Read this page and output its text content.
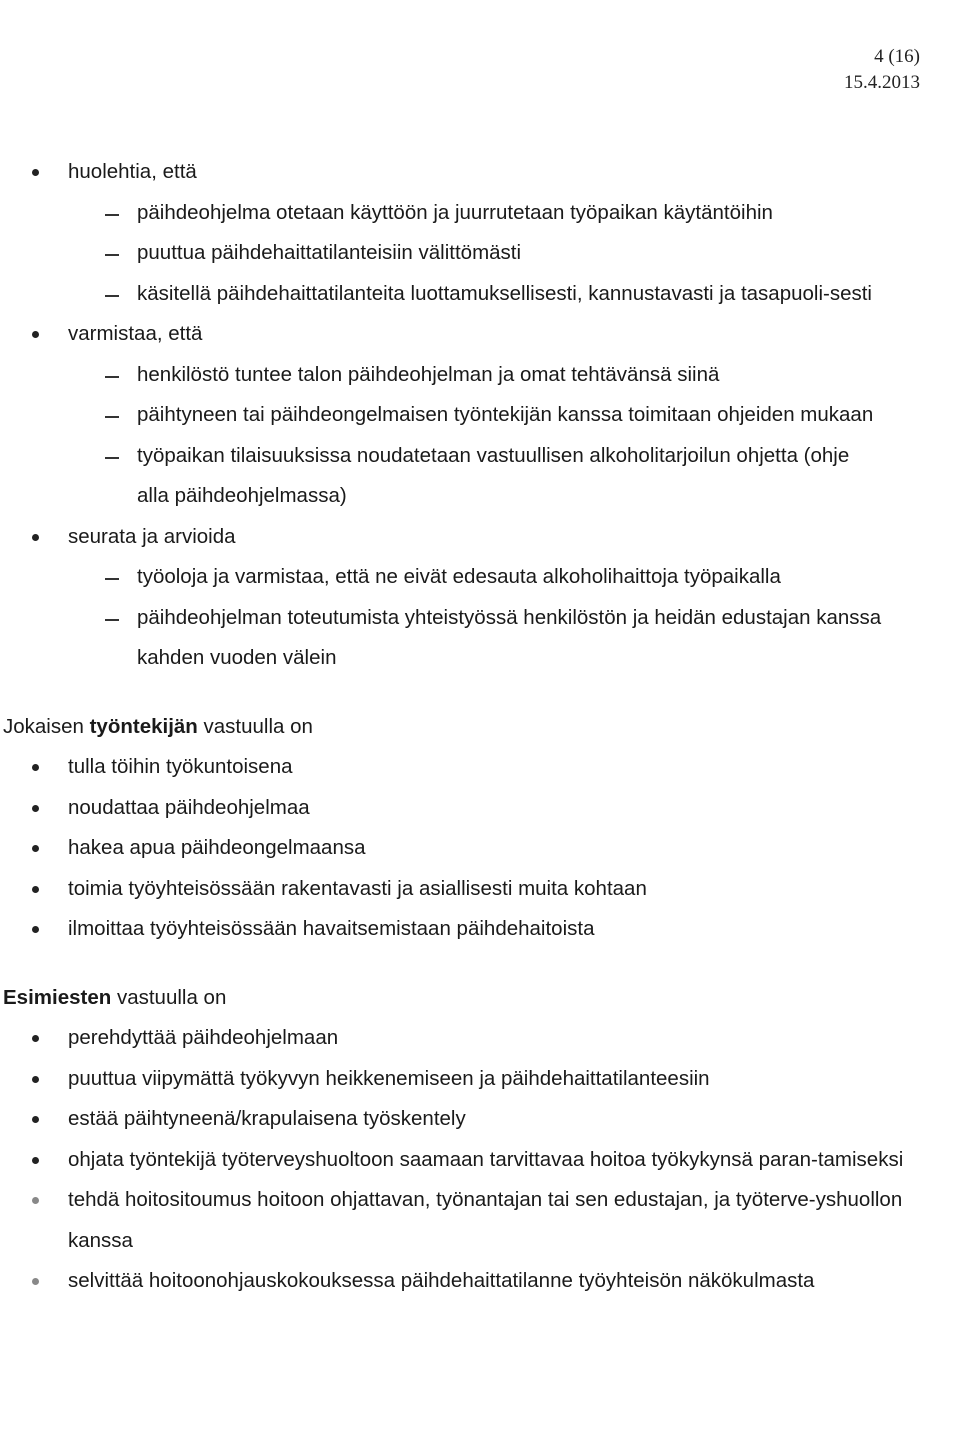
4 (16)
15.4.2013
huolehtia, että
päihdeohjelma otetaan käyttöön ja juurrutetaan työpaikan käytäntöihin
puuttua päihdehaittatilanteisiin välittömästi
käsitellä päihdehaittatilanteita luottamuksellisesti, kannustavasti ja tasapuoli-sesti
varmistaa, että
henkilöstö tuntee talon päihdeohjelman ja omat tehtävänsä siinä
päihtyneen tai päihdeongelmaisen työntekijän kanssa toimitaan ohjeiden mukaan
työpaikan tilaisuuksissa noudatetaan vastuullisen alkoholitarjoilun ohjetta (ohje alla päihdeohjelmassa)
seurata ja arvioida
työoloja ja varmistaa, että ne eivät edesauta alkoholihaittoja työpaikalla
päihdeohjelman toteutumista yhteistyössä henkilöstön ja heidän edustajan kanssa kahden vuoden välein
Jokaisen työntekijän vastuulla on
tulla töihin työkuntoisena
noudattaa päihdeohjelmaa
hakea apua päihdeongelmaansa
toimia työyhteisössään rakentavasti ja asiallisesti muita kohtaan
ilmoittaa työyhteisössään havaitsemistaan päihdehaitoista
Esimiesten vastuulla on
perehdyttää päihdeohjelmaan
puuttua viipymättä työkyvyn heikkenemiseen ja päihdehaittatilanteesiin
estää päihtyneenä/krapulaisena työskentely
ohjata työntekijä työterveyshuoltoon saamaan tarvittavaa hoitoa työkykynsä paran-tamiseksi
tehdä hoitositoumus hoitoon ohjattavan, työnantajan tai sen edustajan, ja työterve-yshuollon kanssa
selvittää hoitoonohjauskokouksessa päihdehaittatilanne työyhteisön näkökulmasta
